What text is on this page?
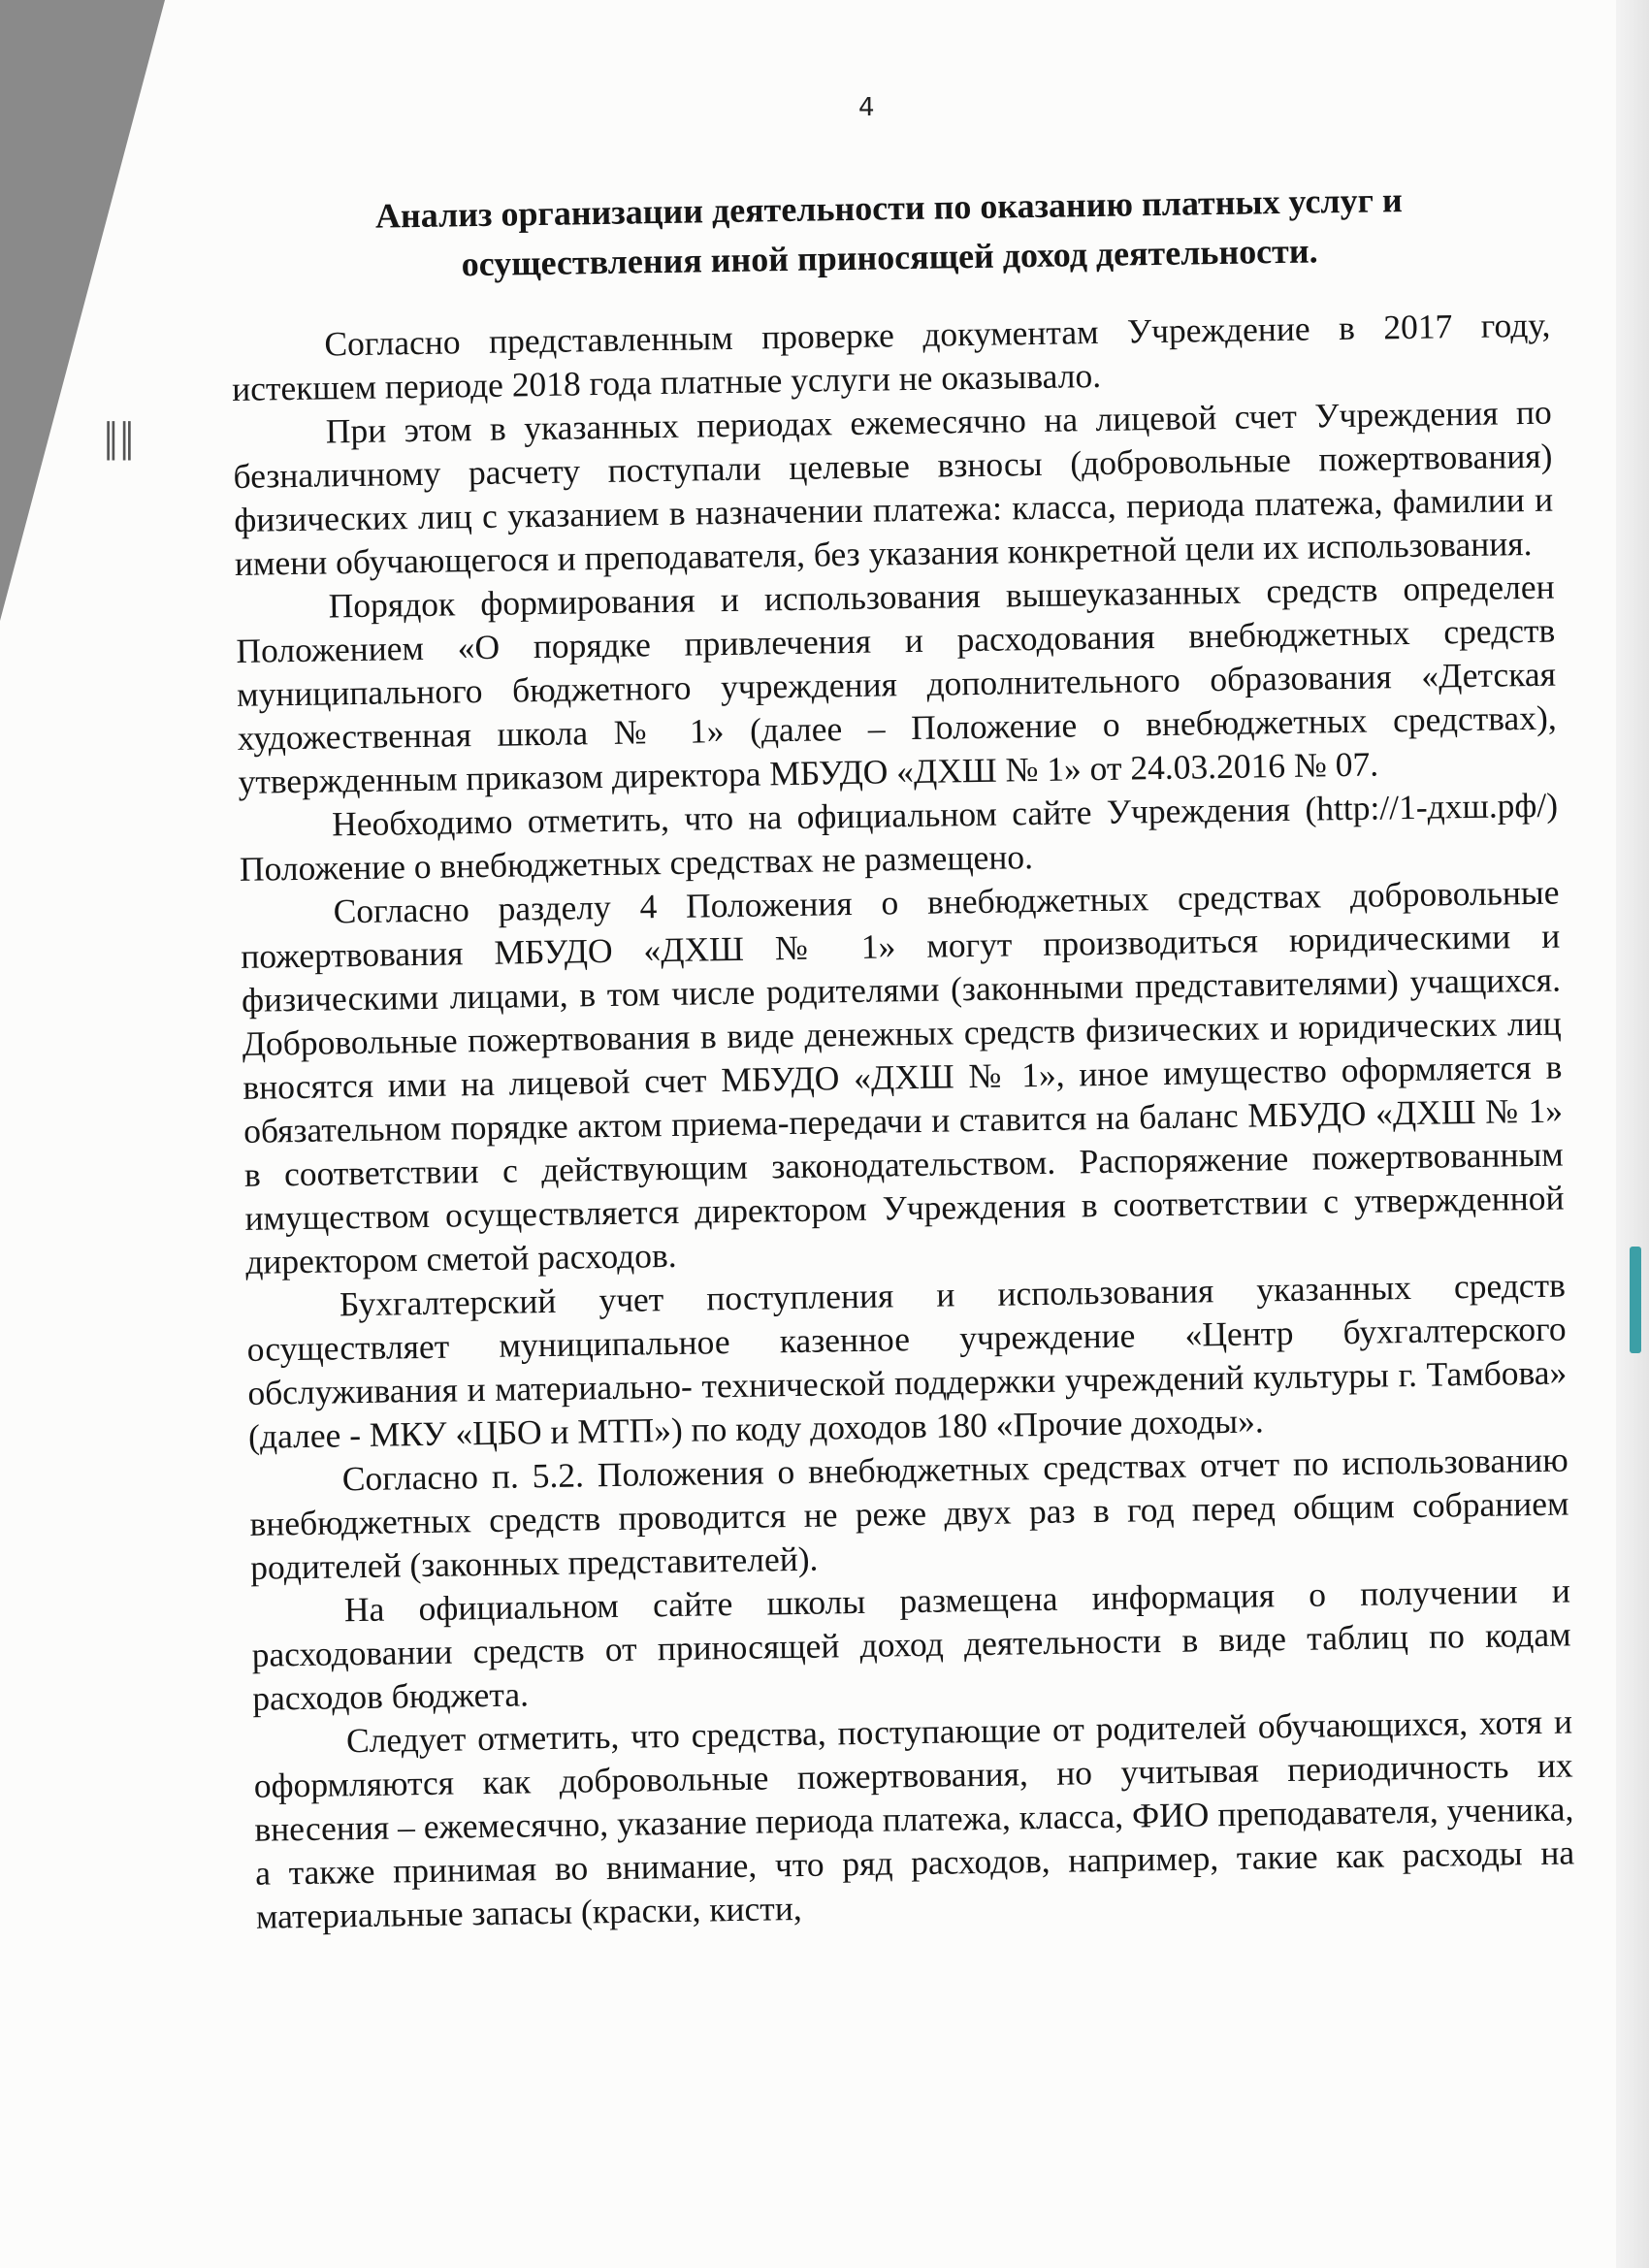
║║
4
Анализ организации деятельности по оказанию платных услуг и
осуществления иной приносящей доход деятельности.

Согласно представленным проверке документам Учреждение в 2017 году, истекшем периоде 2018 года платные услуги не оказывало.

При этом в указанных периодах ежемесячно на лицевой счет Учреждения по безналичному расчету поступали целевые взносы (добровольные пожертвования) физических лиц с указанием в назначении платежа: класса, периода платежа, фамилии и имени обучающегося и преподавателя, без указания конкретной цели их использования.

Порядок формирования и использования вышеуказанных средств определен Положением «О порядке привлечения и расходования внебюджетных средств муниципального бюджетного учреждения дополнительного образования «Детская художественная школа № 1» (далее – Положение о внебюджетных средствах), утвержденным приказом директора МБУДО «ДХШ № 1» от 24.03.2016 № 07.

Необходимо отметить, что на официальном сайте Учреждения (http://1-дхш.рф/) Положение о внебюджетных средствах не размещено.

Согласно разделу 4 Положения о внебюджетных средствах добровольные пожертвования МБУДО «ДХШ № 1» могут производиться юридическими и физическими лицами, в том числе родителями (законными представителями) учащихся. Добровольные пожертвования в виде денежных средств физических и юридических лиц вносятся ими на лицевой счет МБУДО «ДХШ № 1», иное имущество оформляется в обязательном порядке актом приема-передачи и ставится на баланс МБУДО «ДХШ № 1» в соответствии с действующим законодательством. Распоряжение пожертвованным имуществом осуществляется директором Учреждения в соответствии с утвержденной директором сметой расходов.

Бухгалтерский учет поступления и использования указанных средств осуществляет муниципальное казенное учреждение «Центр бухгалтерского обслуживания и материально- технической поддержки учреждений культуры г. Тамбова» (далее - МКУ «ЦБО и МТП») по коду доходов 180 «Прочие доходы».

Согласно п. 5.2. Положения о внебюджетных средствах отчет по использованию внебюджетных средств проводится не реже двух раз в год перед общим собранием родителей (законных представителей).

На официальном сайте школы размещена информация о получении и расходовании средств от приносящей доход деятельности в виде таблиц по кодам расходов бюджета.

Следует отметить, что средства, поступающие от родителей обучающихся, хотя и оформляются как добровольные пожертвования, но учитывая периодичность их внесения – ежемесячно, указание периода платежа, класса, ФИО преподавателя, ученика, а также принимая во внимание, что ряд расходов, например, такие как расходы на материальные запасы (краски, кисти,
